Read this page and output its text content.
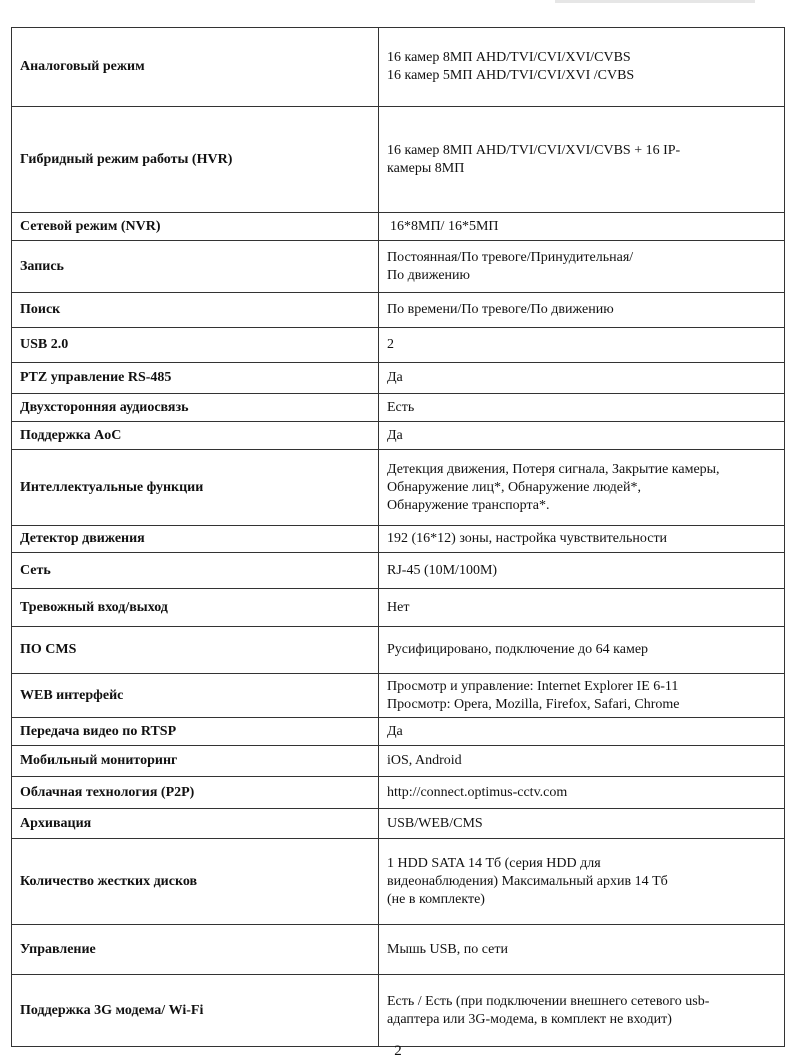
Аналоговый режим	16 камер 8МП AHD/TVI/CVI/XVI/CVBS
16 камер 5МП AHD/TVI/CVI/XVI /CVBS

Гибридный режим работы (HVR)	16 камер 8МП AHD/TVI/CVI/XVI/CVBS + 16 IP-
камеры 8МП

Сетевой режим (NVR)	16*8МП/ 16*5МП

Запись	Постоянная/По тревоге/Принудительная/
По движению

Поиск	По времени/По тревоге/По движению

USB 2.0	2

PTZ управление RS-485	Да

Двухсторонняя аудиосвязь	Есть

Поддержка AoC	Да

Интеллектуальные функции	Детекция движения, Потеря сигнала, Закрытие камеры,
Обнаружение лиц*, Обнаружение людей*,
Обнаружение транспорта*.

Детектор движения	192 (16*12) зоны, настройка чувствительности

Сеть	RJ-45 (10M/100M)

Тревожный вход/выход	Нет

ПО CMS	Русифицировано, подключение до 64 камер

WEB интерфейс	Просмотр и управление: Internet Explorer IE 6-11
Просмотр: Opera, Mozilla, Firefox, Safari, Chrome

Передача видео по RTSP	Да

Мобильный мониторинг	iOS, Android

Облачная технология (P2P)	http://connect.optimus-cctv.com

Архивация	USB/WEB/CMS

Количество жестких дисков	1 HDD SATA 14 Тб (серия HDD для
видеонаблюдения) Максимальный архив 14 Тб
(не в комплекте)

Управление	Мышь USB, по сети

Поддержка 3G модема/ Wi-Fi	Есть / Есть (при подключении внешнего сетевого usb-
адаптера или 3G-модема, в комплект не входит)
2
